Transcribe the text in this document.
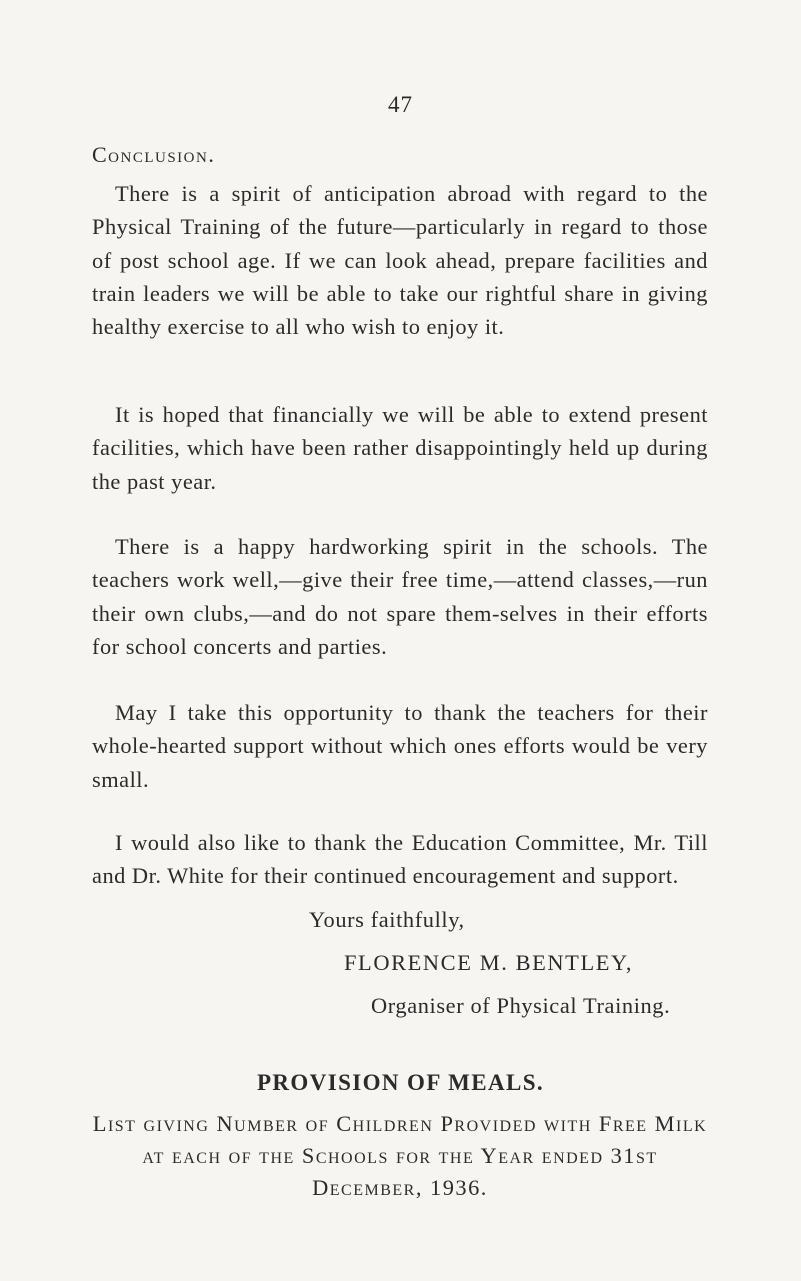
47
Conclusion.

There is a spirit of anticipation abroad with regard to the Physical Training of the future—particularly in regard to those of post school age. If we can look ahead, prepare facilities and train leaders we will be able to take our rightful share in giving healthy exercise to all who wish to enjoy it.

It is hoped that financially we will be able to extend present facilities, which have been rather disappointingly held up during the past year.

There is a happy hardworking spirit in the schools. The teachers work well,—give their free time,—attend classes,—run their own clubs,—and do not spare them-selves in their efforts for school concerts and parties.

May I take this opportunity to thank the teachers for their whole-hearted support without which ones efforts would be very small.

I would also like to thank the Education Committee, Mr. Till and Dr. White for their continued encouragement and support.

Yours faithfully,
FLORENCE M. BENTLEY,
Organiser of Physical Training.
PROVISION OF MEALS.
List giving Number of Children Provided with Free Milk at each of the Schools for the Year ended 31st December, 1936.
